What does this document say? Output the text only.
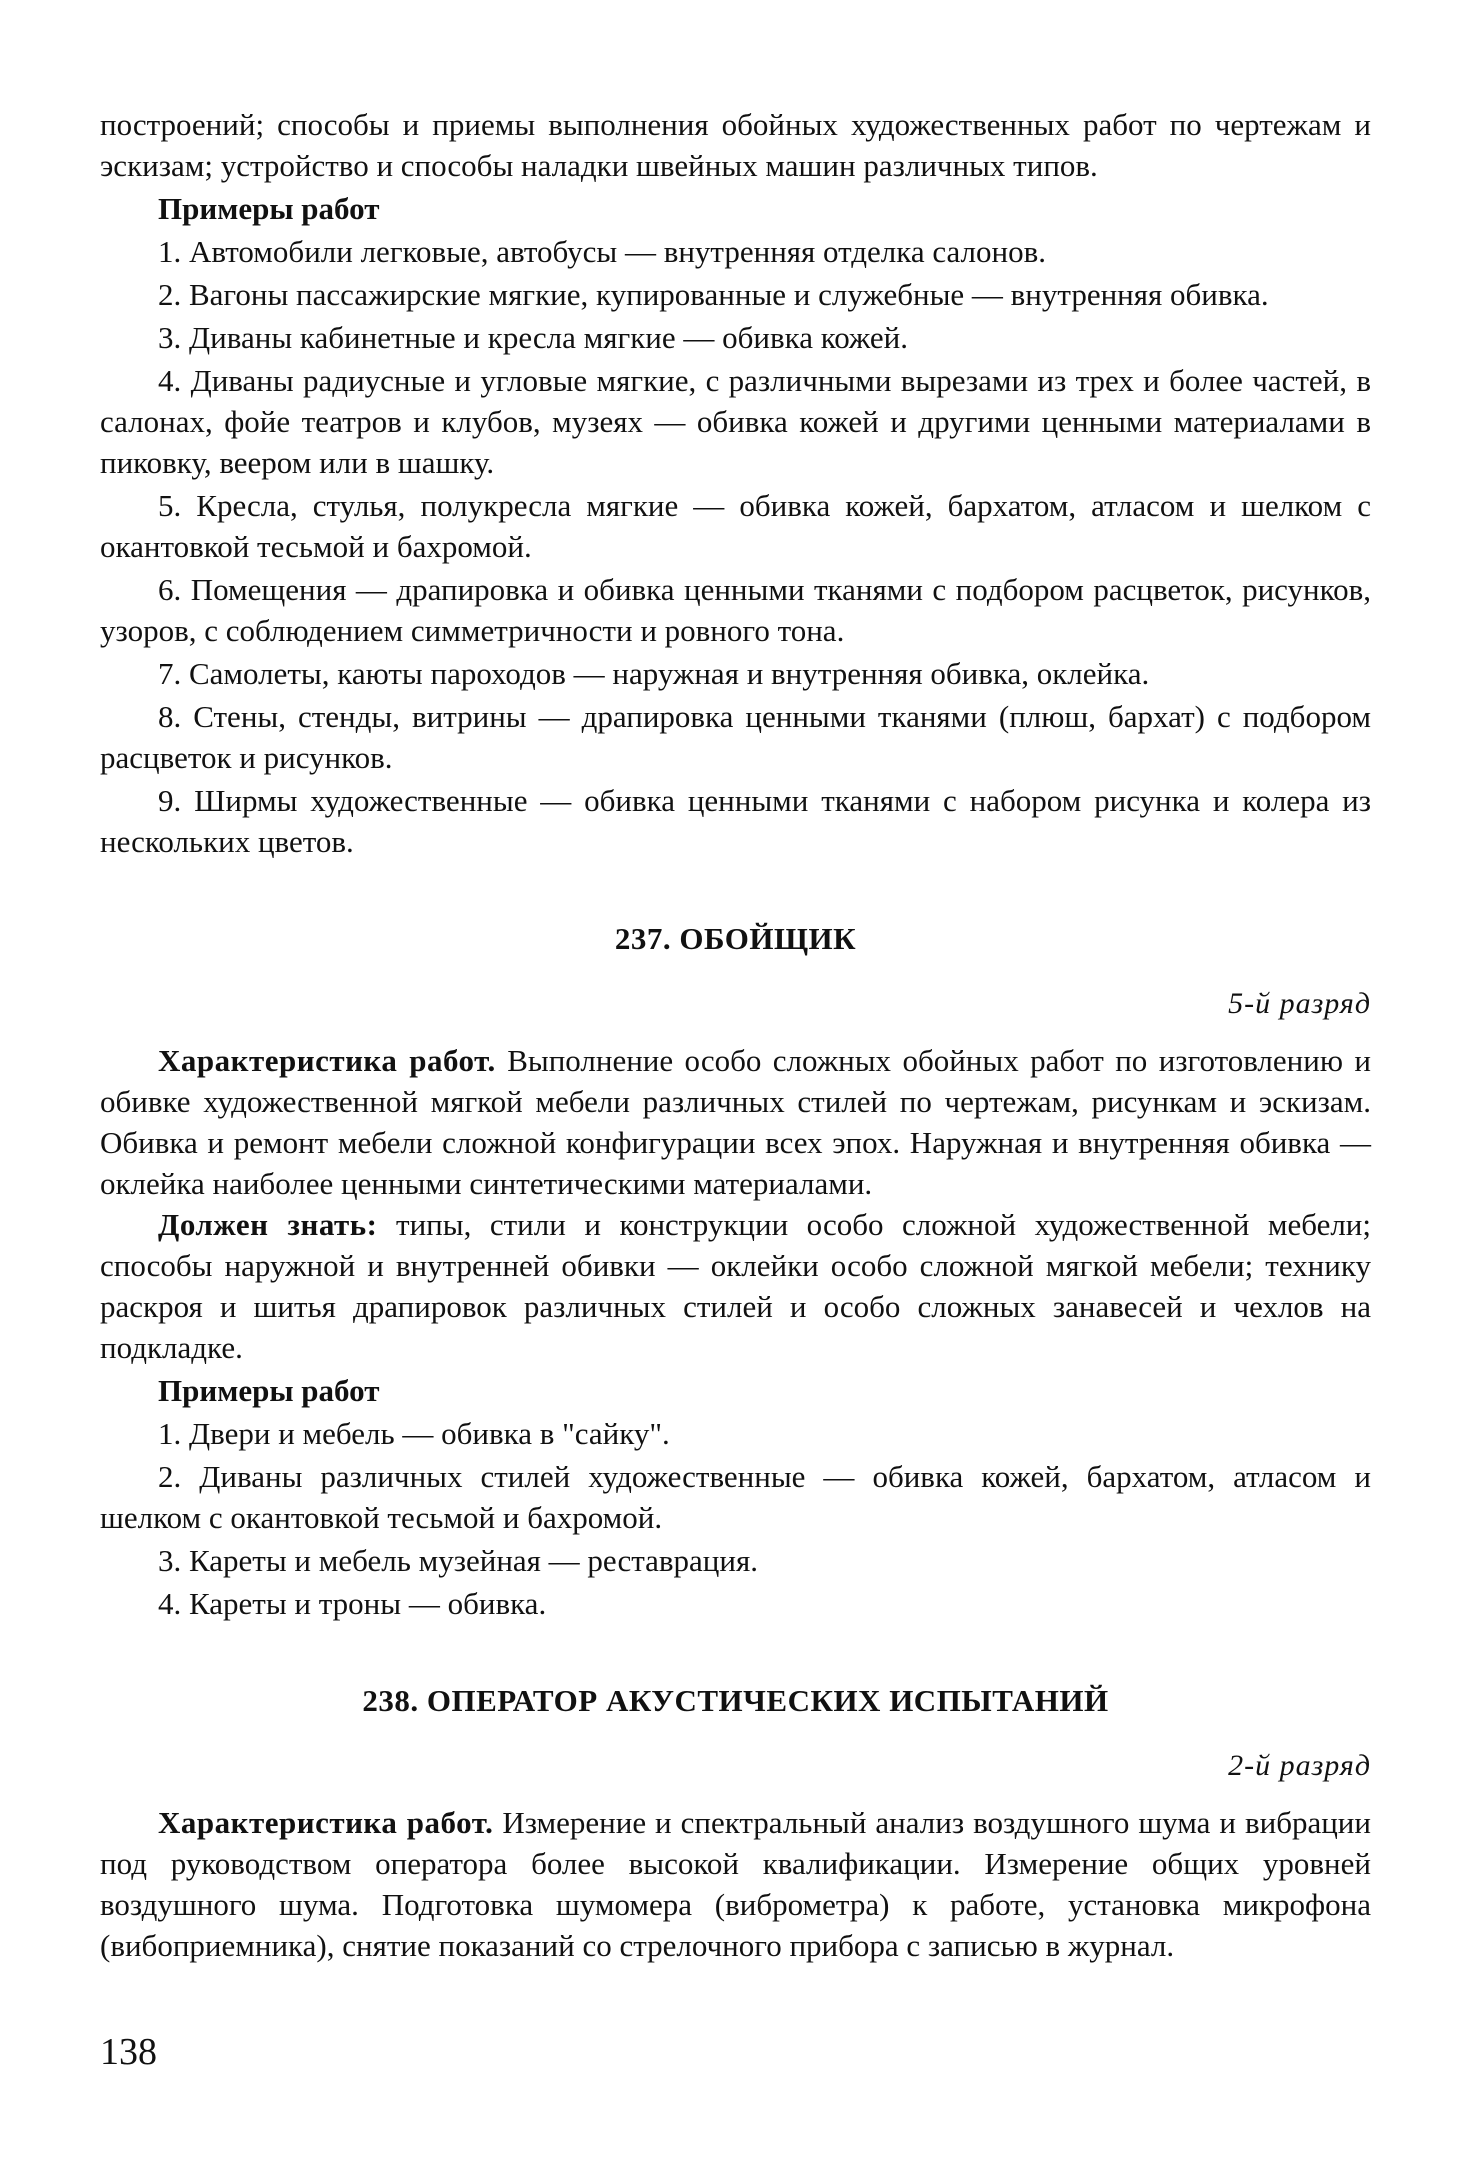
построений; способы и приемы выполнения обойных художественных работ по чертежам и эскизам; устройство и способы наладки швейных машин различных типов.

Примеры работ

1. Автомобили легковые, автобусы — внутренняя отделка салонов.

2. Вагоны пассажирские мягкие, купированные и служебные — внутренняя обивка.

3. Диваны кабинетные и кресла мягкие — обивка кожей.

4. Диваны радиусные и угловые мягкие, с различными вырезами из трех и более частей, в салонах, фойе театров и клубов, музеях — обивка кожей и другими ценными материалами в пиковку, веером или в шашку.

5. Кресла, стулья, полукресла мягкие — обивка кожей, бархатом, атласом и шелком с окантовкой тесьмой и бахромой.

6. Помещения — драпировка и обивка ценными тканями с подбором расцветок, рисунков, узоров, с соблюдением симметричности и ровного тона.

7. Самолеты, каюты пароходов — наружная и внутренняя обивка, оклейка.

8. Стены, стенды, витрины — драпировка ценными тканями (плюш, бархат) с подбором расцветок и рисунков.

9. Ширмы художественные — обивка ценными тканями с набором рисунка и колера из нескольких цветов.

237. ОБОЙЩИК
5-й разряд

Характеристика работ. Выполнение особо сложных обойных работ по изготовлению и обивке художественной мягкой мебели различных стилей по чертежам, рисункам и эскизам. Обивка и ремонт мебели сложной конфигурации всех эпох. Наружная и внутренняя обивка — оклейка наиболее ценными синтетическими материалами.

Должен знать: типы, стили и конструкции особо сложной художественной мебели; способы наружной и внутренней обивки — оклейки особо сложной мягкой мебели; технику раскроя и шитья драпировок различных стилей и особо сложных занавесей и чехлов на подкладке.

Примеры работ

1. Двери и мебель — обивка в "сайку".

2. Диваны различных стилей художественные — обивка кожей, бархатом, атласом и шелком с окантовкой тесьмой и бахромой.

3. Кареты и мебель музейная — реставрация.

4. Кареты и троны — обивка.

238. ОПЕРАТОР АКУСТИЧЕСКИХ ИСПЫТАНИЙ
2-й разряд

Характеристика работ. Измерение и спектральный анализ воздушного шума и вибрации под руководством оператора более высокой квалификации. Измерение общих уровней воздушного шума. Подготовка шумомера (виброметра) к работе, установка микрофона (вибоприемника), снятие показаний со стрелочного прибора с записью в журнал.

138
